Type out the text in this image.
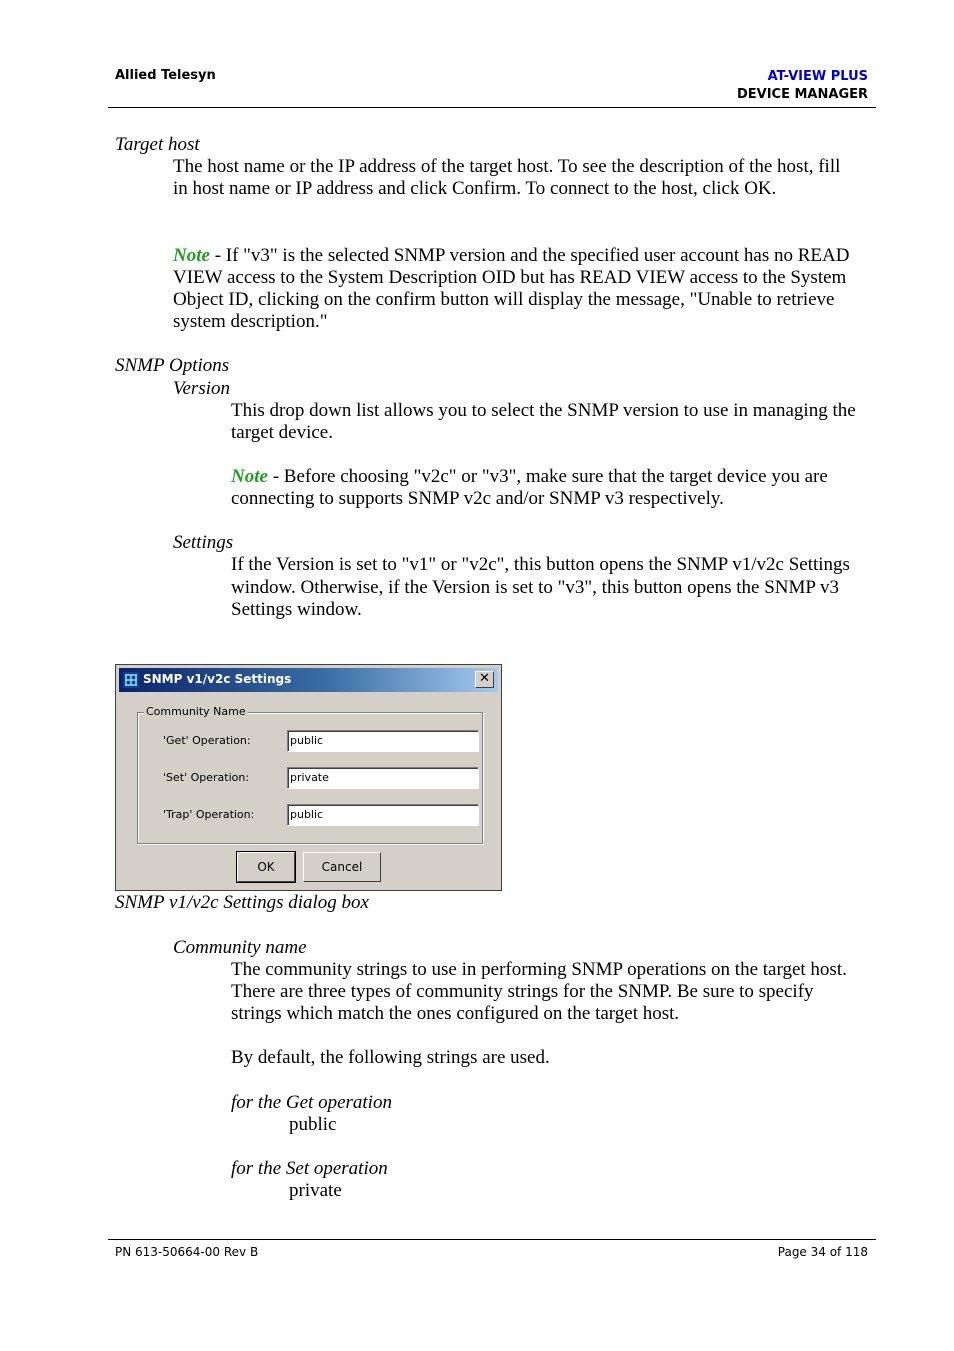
Allied Telesyn	AT-VIEW PLUS
DEVICE MANAGER
Target host
The host name or the IP address of the target host. To see the description of the host, fill
in host name or IP address and click Confirm. To connect to the host, click OK.
Note - If "v3" is the selected SNMP version and the specified user account has no READ
VIEW access to the System Description OID but has READ VIEW access to the System
Object ID, clicking on the confirm button will display the message, "Unable to retrieve
system description."
SNMP Options
Version
This drop down list allows you to select the SNMP version to use in managing the
target device.
Note - Before choosing "v2c" or "v3", make sure that the target device you are
connecting to supports SNMP v2c and/or SNMP v3 respectively.
Settings
If the Version is set to "v1" or "v2c", this button opens the SNMP v1/v2c Settings
window. Otherwise, if the Version is set to "v3", this button opens the SNMP v3
Settings window.
SNMP v1/v2c Settings	✕
Community Name
'Get' Operation:	public
'Set' Operation:	private
'Trap' Operation:	public
OK	Cancel
SNMP v1/v2c Settings dialog box
Community name
The community strings to use in performing SNMP operations on the target host.
There are three types of community strings for the SNMP. Be sure to specify
strings which match the ones configured on the target host.
By default, the following strings are used.
for the Get operation
public
for the Set operation
private
PN 613-50664-00 Rev B	Page 34 of 118
